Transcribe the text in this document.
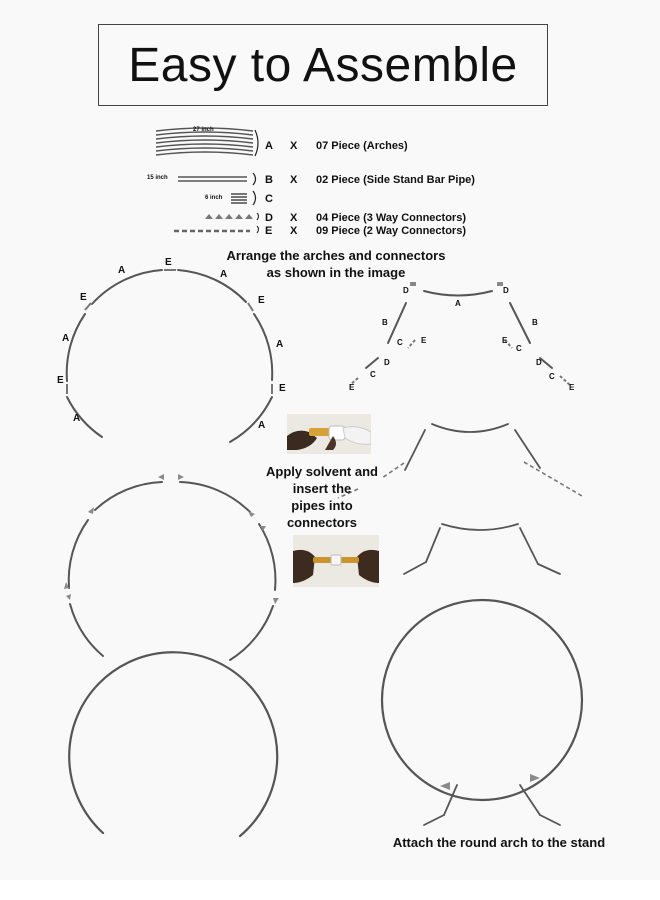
Easy to Assemble
27 inch
15 inch
6 inch
A X 07 Piece (Arches)
B X 02 Piece (Side Stand Bar Pipe)
C
D X 04 Piece (3 Way Connectors)
E X 09 Piece (2 Way Connectors)
Arrange the arches and connectors
as shown in the image
A
E
A
E	E
A
A
E
E
A
A
D	D
A
B	B
C E	E
C
D	D
C	C
E	E
Apply solvent and
insert the
pipes into
connectors
Attach the round arch to the stand
